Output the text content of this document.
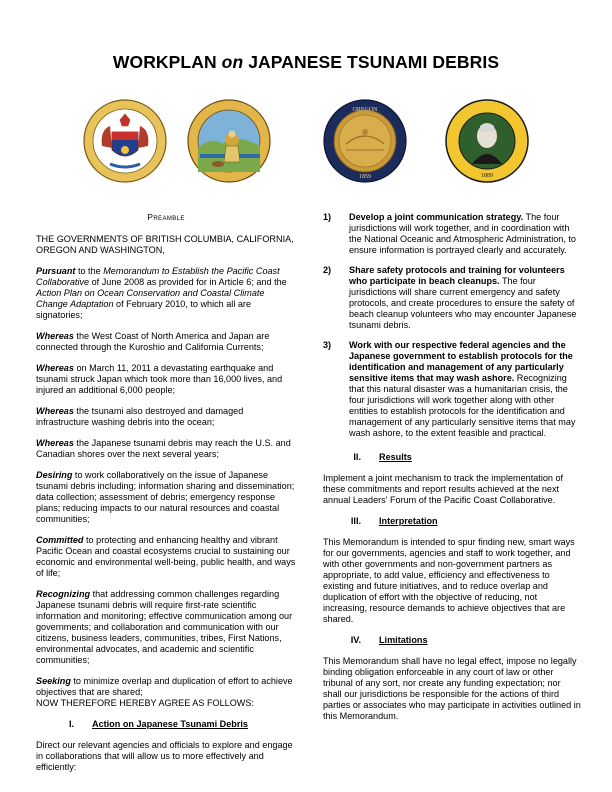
WORKPLAN on JAPANESE TSUNAMI DEBRIS
OREGON
1859	1889
Preamble

THE GOVERNMENTS OF BRITISH COLUMBIA, CALIFORNIA, OREGON AND WASHINGTON,

Pursuant to the Memorandum to Establish the Pacific Coast Collaborative of June 2008 as provided for in Article 6; and the Action Plan on Ocean Conservation and Coastal Climate Change Adaptation of February 2010, to which all are signatories;

Whereas the West Coast of North America and Japan are connected through the Kuroshio and California Currents;

Whereas on March 11, 2011 a devastating earthquake and tsunami struck Japan which took more than 16,000 lives, and injured an additional 6,000 people;

Whereas the tsunami also destroyed and damaged infrastructure washing debris into the ocean;

Whereas the Japanese tsunami debris may reach the U.S. and Canadian shores over the next several years;

Desiring to work collaboratively on the issue of Japanese tsunami debris including; information sharing and dissemination; data collection; assessment of debris; emergency response plans; reducing impacts to our natural resources and coastal communities;

Committed to protecting and enhancing healthy and vibrant Pacific Ocean and coastal ecosystems crucial to sustaining our economic and environmental well-being, public health, and ways of life;

Recognizing that addressing common challenges regarding Japanese tsunami debris will require first-rate scientific information and monitoring; effective communication among our governments; and collaboration and communication with our citizens, business leaders, communities, tribes, First Nations, environmental advocates, and academic and scientific communities;

Seeking to minimize overlap and duplication of effort to achieve objectives that are shared;

NOW THEREFORE HEREBY AGREE AS FOLLOWS:

I.	Action on Japanese Tsunami Debris

Direct our relevant agencies and officials to explore and engage in collaborations that will allow us to more effectively and efficiently:

1)	Develop a joint communication strategy. The four jurisdictions will work together, and in coordination with the National Oceanic and Atmospheric Administration, to ensure information is portrayed clearly and accurately.
2)	Share safety protocols and training for volunteers who participate in beach cleanups. The four jurisdictions will share current emergency and safety protocols, and create procedures to ensure the safety of beach cleanup volunteers who may encounter Japanese tsunami debris.
3)	Work with our respective federal agencies and the Japanese government to establish protocols for the identification and management of any particularly sensitive items that may wash ashore. Recognizing that this natural disaster was a humanitarian crisis, the four jurisdictions will work together along with other entities to establish protocols for the identification and management of any particularly sensitive items that may wash ashore, to the extent feasible and practical.
II.	Results

Implement a joint mechanism to track the implementation of these commitments and report results achieved at the next annual Leaders' Forum of the Pacific Coast Collaborative.

III.	Interpretation

This Memorandum is intended to spur finding new, smart ways for our governments, agencies and staff to work together, and with other governments and non-government partners as appropriate, to add value, efficiency and effectiveness to existing and future initiatives, and to reduce overlap and duplication of effort with the objective of reducing, not increasing, resource demands to achieve objectives that are shared.

IV.	Limitations

This Memorandum shall have no legal effect, impose no legally binding obligation enforceable in any court of law or other tribunal of any sort, nor create any funding expectation; nor shall our jurisdictions be responsible for the actions of third parties or associates who may participate in activities outlined in this Memorandum.
